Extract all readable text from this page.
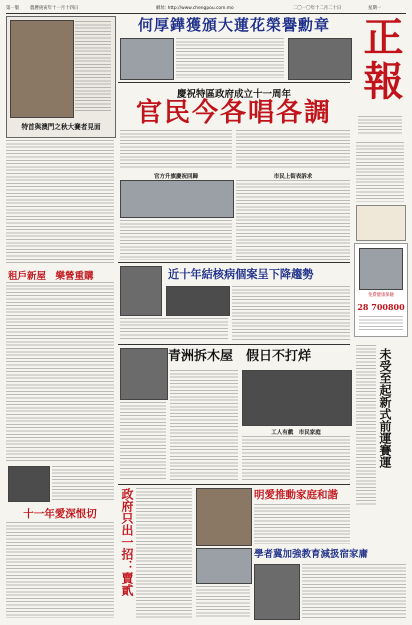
第一版 農曆庚寅年十一月十四日	網址: http://www.chengpou.com.mo	二〇一〇年十二月二十日	星期一
正報
免費健康保險
28 700800
未受至起新式前運賽運
特首與澳門之秋大賽者見面
租戶新屋　樂營重購
十一年愛深恨切
何厚鏵獲頒大蓮花榮譽勳章
慶祝特區政府成立十一周年
官民今各唱各調
官方升旗慶祝回歸	市民上街表訴求
近十年結核病個案呈下降趨勢
青洲拆木屋　假日不打烊
工人有戲　市民家庭
政府只出一招：賣貳	明愛推動家庭和諧
學者冀加強教育減扱宿家庸
